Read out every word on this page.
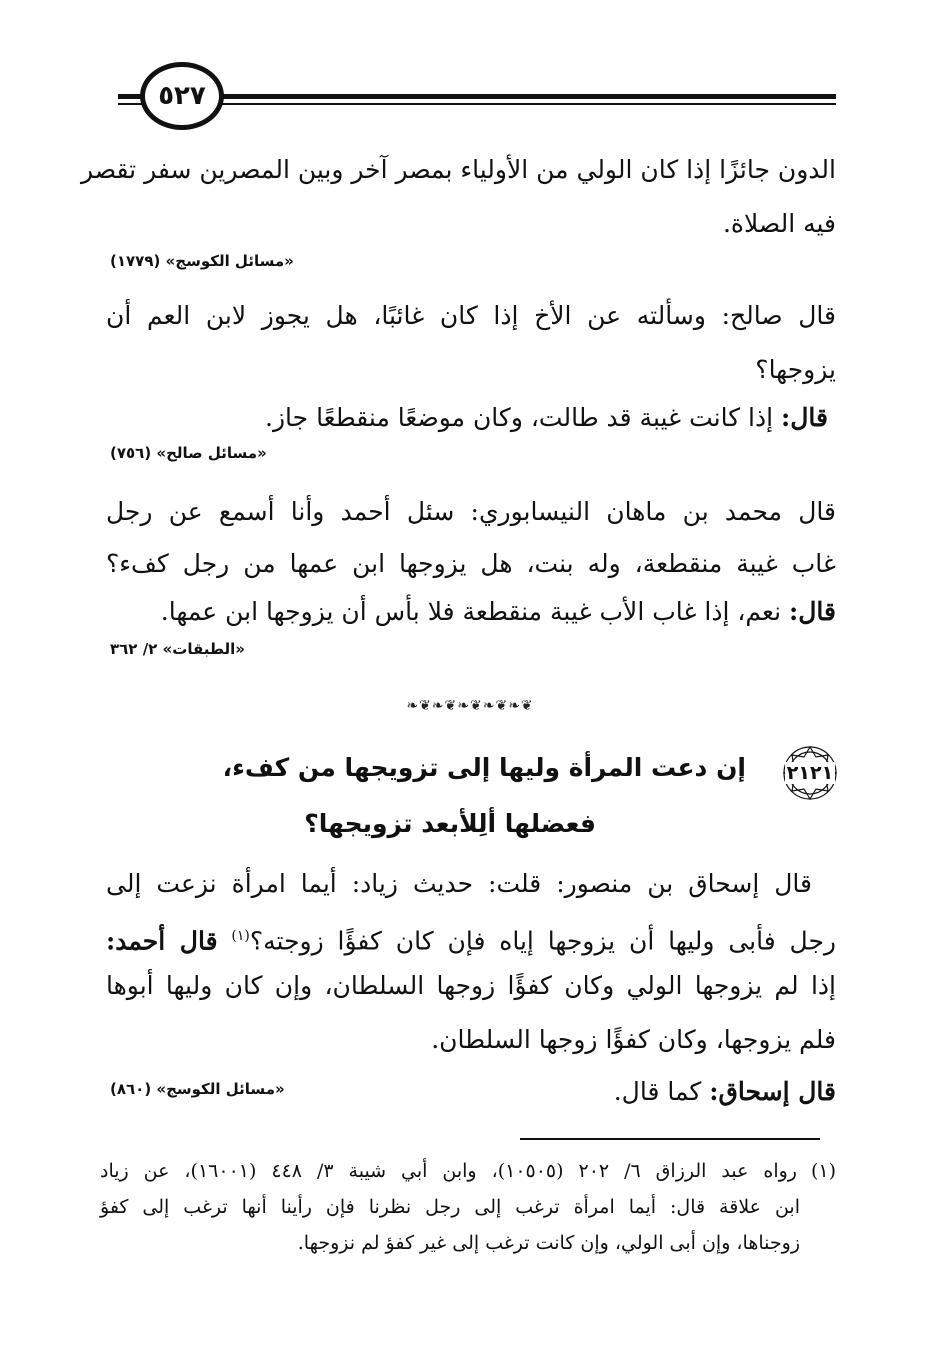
٥٢٧
الدون جائزًا إذا كان الولي من الأولياء بمصر آخر وبين المصرين سفر تقصر
فيه الصلاة.
«مسائل الكوسج» (١٧٧٩)
قال صالح: وسألته عن الأخ إذا كان غائبًا، هل يجوز لابن العم أن
يزوجها؟
قال: إذا كانت غيبة قد طالت، وكان موضعًا منقطعًا جاز.
«مسائل صالح» (٧٥٦)
قال محمد بن ماهان النيسابوري: سئل أحمد وأنا أسمع عن رجل
غاب غيبة منقطعة، وله بنت، هل يزوجها ابن عمها من رجل كفء؟
قال: نعم، إذا غاب الأب غيبة منقطعة فلا بأس أن يزوجها ابن عمها.
«الطبقات» ٢/ ٣٦٢
❧❦❧❦❧❦❧❦❧❦
٢١٢١
إن دعت المرأة وليها إلى تزويجها من كفء،
فعضلها ألِلأبعد تزويجها؟
قال إسحاق بن منصور: قلت: حديث زياد: أيما امرأة نزعت إلى
رجل فأبى وليها أن يزوجها إياه فإن كان كفؤًا زوجته؟$^{(١)}$ قال أحمد:
إذا لم يزوجها الولي وكان كفؤًا زوجها السلطان، وإن كان وليها أبوها
فلم يزوجها، وكان كفؤًا زوجها السلطان.
قال إسحاق: كما قال.
«مسائل الكوسج» (٨٦٠)
(١)رواه عبد الرزاق ٦/ ٢٠٢ (١٠٥٠٥)، وابن أبي شيبة ٣/ ٤٤٨ (١٦٠٠١)، عن زياد
ابن علاقة قال: أيما امرأة ترغب إلى رجل نظرنا فإن رأينا أنها ترغب إلى كفؤ
زوجناها، وإن أبى الولي، وإن كانت ترغب إلى غير كفؤ لم نزوجها.
